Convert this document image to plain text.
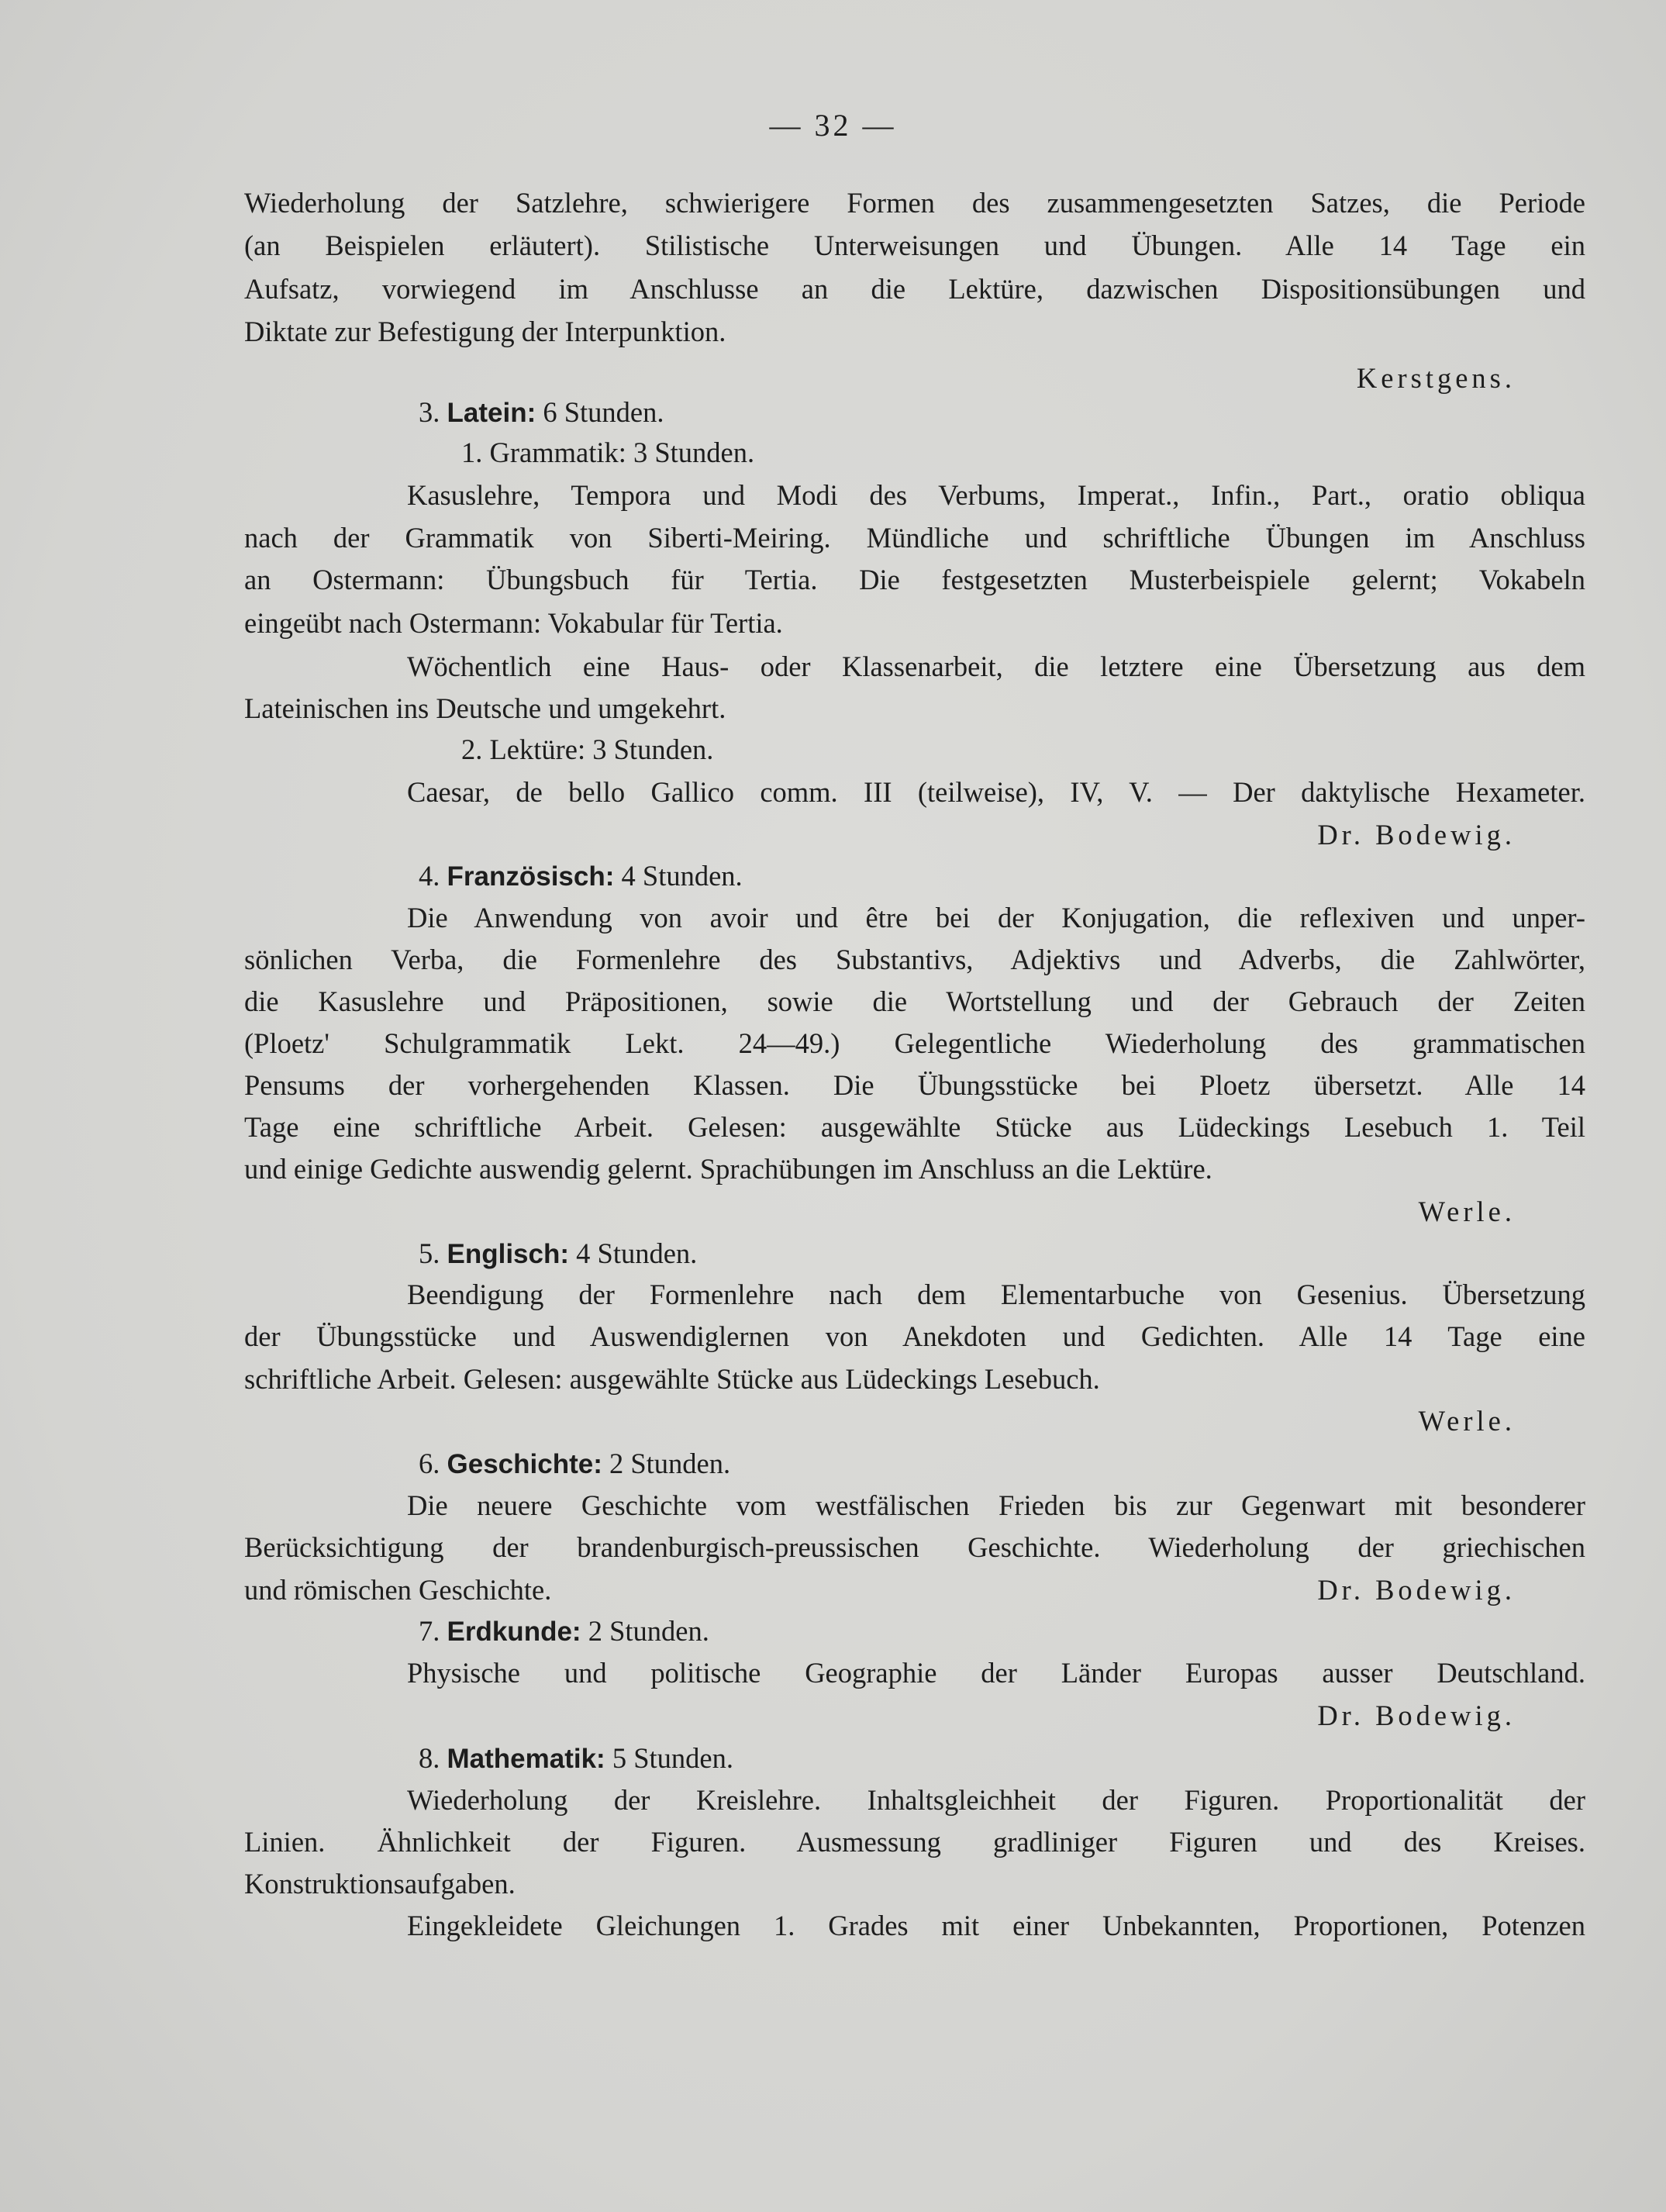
— 32 —
Wiederholung der Satzlehre, schwierigere Formen des zusammengesetzten Satzes, die Periode
(an Beispielen erläutert). Stilistische Unterweisungen und Übungen. Alle 14 Tage ein
Aufsatz, vorwiegend im Anschlusse an die Lektüre, dazwischen Dispositionsübungen und
Diktate zur Befestigung der Interpunktion.
Kerstgens.
3. Latein: 6 Stunden.
1. Grammatik: 3 Stunden.
Kasuslehre, Tempora und Modi des Verbums, Imperat., Infin., Part., oratio obliqua
nach der Grammatik von Siberti-Meiring. Mündliche und schriftliche Übungen im Anschluss
an Ostermann: Übungsbuch für Tertia. Die festgesetzten Musterbeispiele gelernt; Vokabeln
eingeübt nach Ostermann: Vokabular für Tertia.
Wöchentlich eine Haus- oder Klassenarbeit, die letztere eine Übersetzung aus dem
Lateinischen ins Deutsche und umgekehrt.
2. Lektüre: 3 Stunden.
Caesar, de bello Gallico comm. III (teilweise), IV, V. — Der daktylische Hexameter.
Dr. Bodewig.
4. Französisch: 4 Stunden.
Die Anwendung von avoir und être bei der Konjugation, die reflexiven und unper-
sönlichen Verba, die Formenlehre des Substantivs, Adjektivs und Adverbs, die Zahlwörter,
die Kasuslehre und Präpositionen, sowie die Wortstellung und der Gebrauch der Zeiten
(Ploetz' Schulgrammatik Lekt. 24—49.) Gelegentliche Wiederholung des grammatischen
Pensums der vorhergehenden Klassen. Die Übungsstücke bei Ploetz übersetzt. Alle 14
Tage eine schriftliche Arbeit. Gelesen: ausgewählte Stücke aus Lüdeckings Lesebuch 1. Teil
und einige Gedichte auswendig gelernt. Sprachübungen im Anschluss an die Lektüre.
Werle.
5. Englisch: 4 Stunden.
Beendigung der Formenlehre nach dem Elementarbuche von Gesenius. Übersetzung
der Übungsstücke und Auswendiglernen von Anekdoten und Gedichten. Alle 14 Tage eine
schriftliche Arbeit. Gelesen: ausgewählte Stücke aus Lüdeckings Lesebuch.
Werle.
6. Geschichte: 2 Stunden.
Die neuere Geschichte vom westfälischen Frieden bis zur Gegenwart mit besonderer
Berücksichtigung der brandenburgisch-preussischen Geschichte. Wiederholung der griechischen
und römischen Geschichte.	Dr. Bodewig.
7. Erdkunde: 2 Stunden.
Physische und politische Geographie der Länder Europas ausser Deutschland.
Dr. Bodewig.
8. Mathematik: 5 Stunden.
Wiederholung der Kreislehre. Inhaltsgleichheit der Figuren. Proportionalität der
Linien. Ähnlichkeit der Figuren. Ausmessung gradliniger Figuren und des Kreises.
Konstruktionsaufgaben.
Eingekleidete Gleichungen 1. Grades mit einer Unbekannten, Proportionen, Potenzen
